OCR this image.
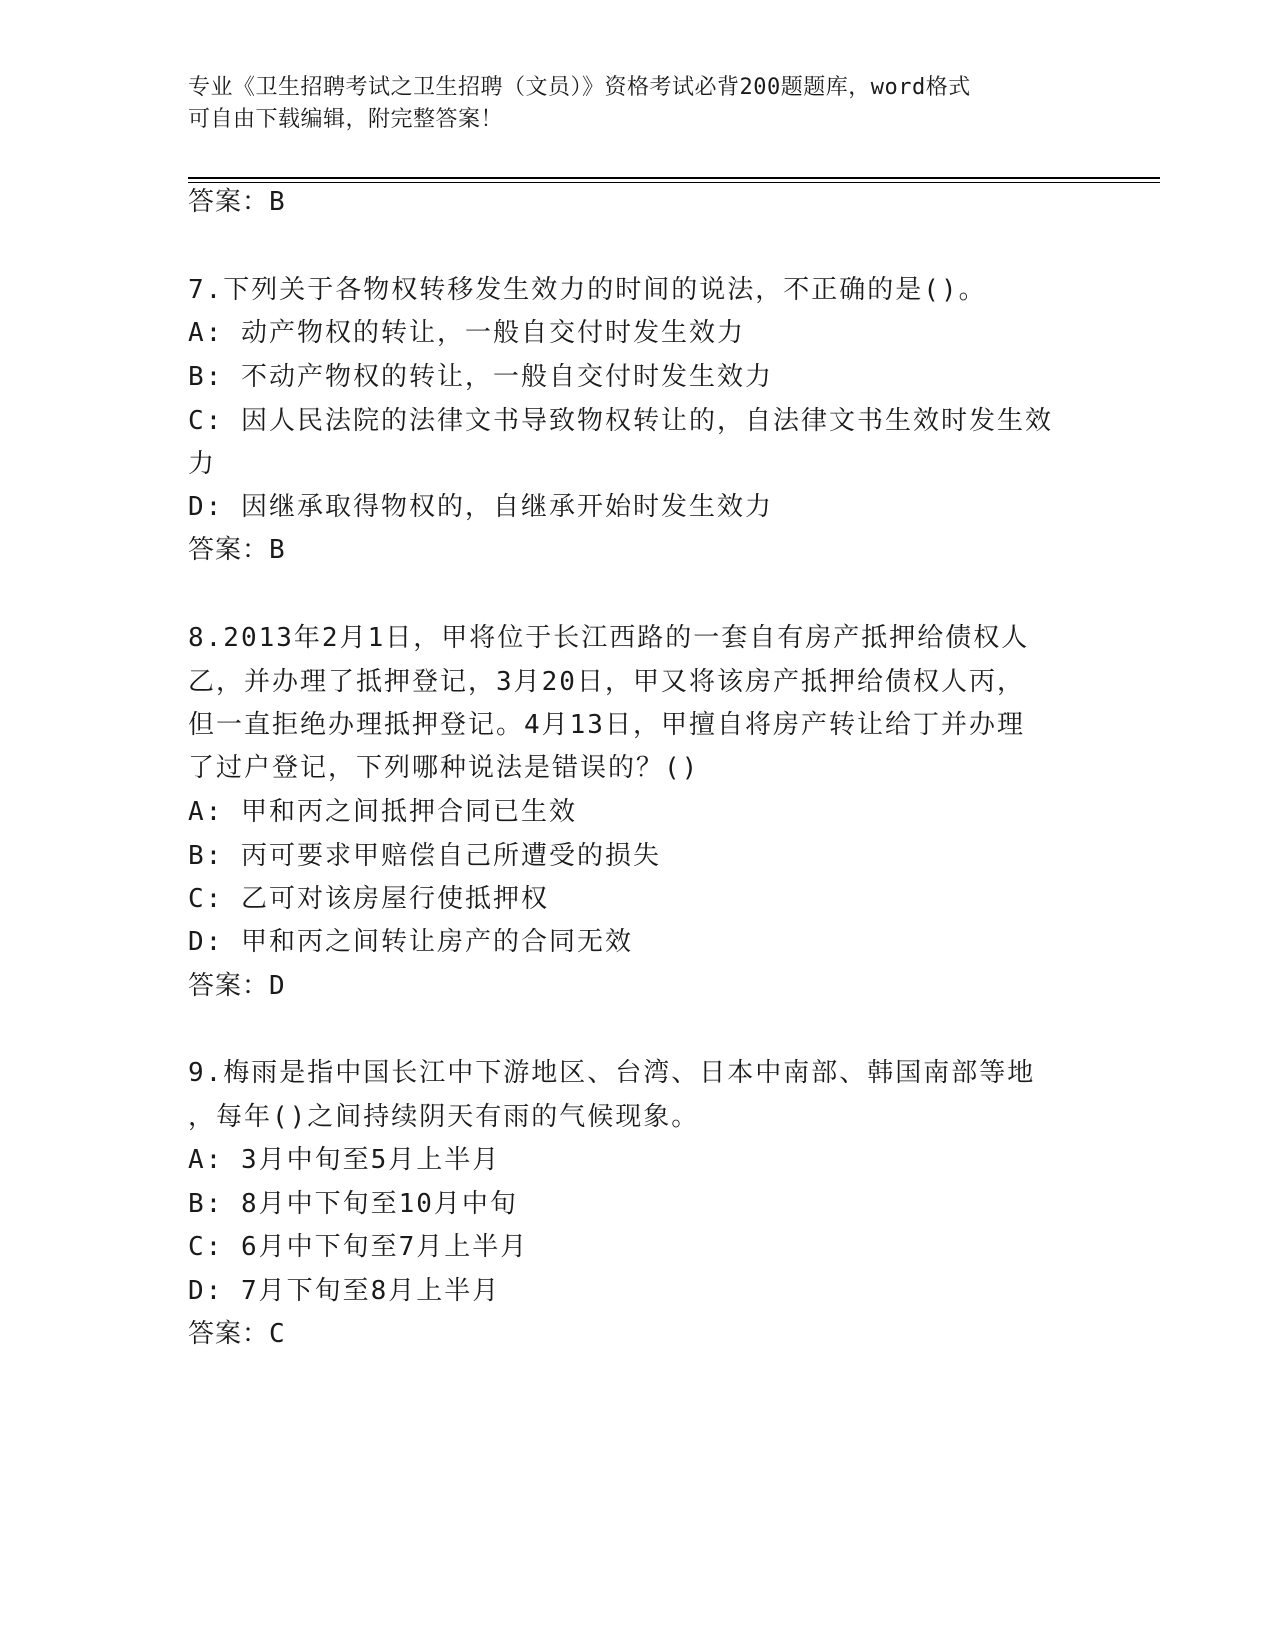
专业《卫生招聘考试之卫生招聘（文员）》资格考试必背200题题库，word格式
可自由下载编辑，附完整答案！
答案：B
7.下列关于各物权转移发生效力的时间的说法，不正确的是()。
A: 动产物权的转让，一般自交付时发生效力
B: 不动产物权的转让，一般自交付时发生效力
C: 因人民法院的法律文书导致物权转让的，自法律文书生效时发生效
力
D: 因继承取得物权的，自继承开始时发生效力
答案：B
8.2013年2月1日，甲将位于长江西路的一套自有房产抵押给债权人
乙，并办理了抵押登记，3月20日，甲又将该房产抵押给债权人丙，
但一直拒绝办理抵押登记。4月13日，甲擅自将房产转让给丁并办理
了过户登记，下列哪种说法是错误的？()
A: 甲和丙之间抵押合同已生效
B: 丙可要求甲赔偿自己所遭受的损失
C: 乙可对该房屋行使抵押权
D: 甲和丙之间转让房产的合同无效
答案：D
9.梅雨是指中国长江中下游地区、台湾、日本中南部、韩国南部等地
，每年()之间持续阴天有雨的气候现象。
A: 3月中旬至5月上半月
B: 8月中下旬至10月中旬
C: 6月中下旬至7月上半月
D: 7月下旬至8月上半月
答案：C
